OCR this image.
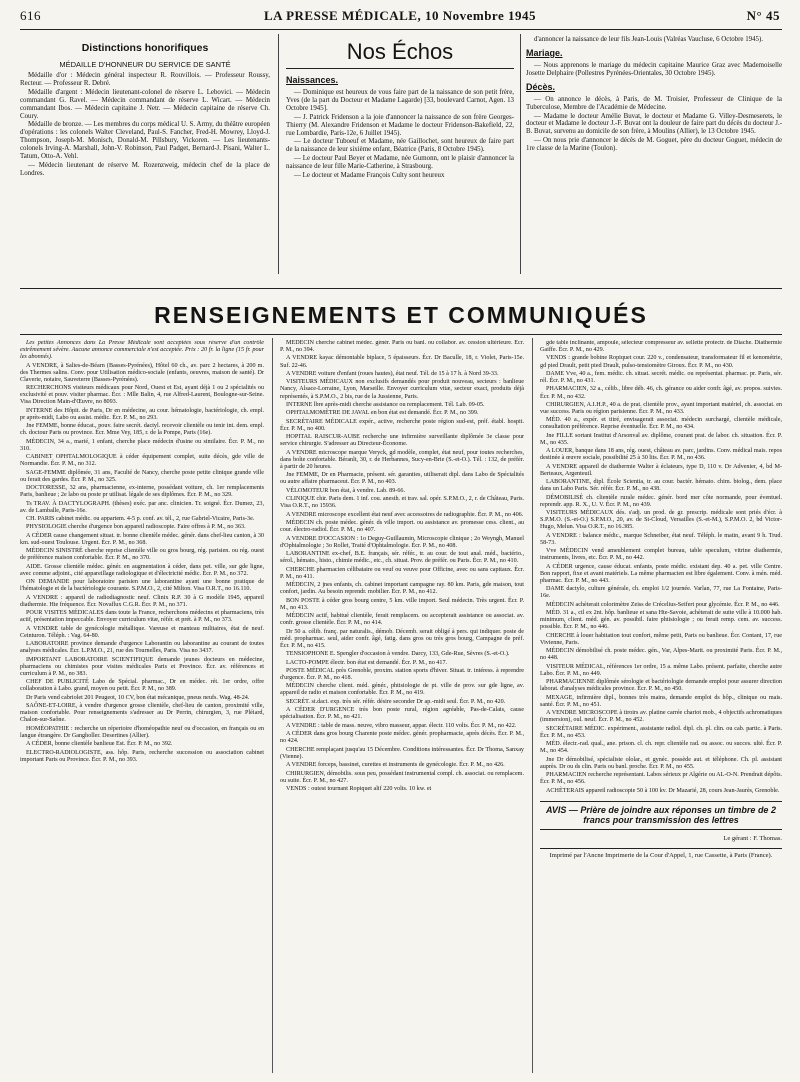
616	LA PRESSE MÉDICALE, 10 Novembre 1945	N° 45
Distinctions honorifiques
MÉDAILLE D'HONNEUR DU SERVICE DE SANTÉ

Médaille d'or : Médecin général inspecteur R. Rouvillois. — Professeur Roussy, Recteur. — Professeur R. Debré.

Médaille d'argent : Médecin lieutenant-colonel de réserve L. Lebovici. — Médecin commandant G. Ravel. — Médecin commandant de réserve L. Wicart. — Médecin commandant Ibos. — Médecin capitaine J. Netr. — Médecin capitaine de réserve Ch. Coury.

Médaille de bronze. — Les membres du corps médical U. S. Army, du théâtre européen d'opérations : les colonels Walter Cleveland, Paul-S. Fancher, Fred-H. Mowrey, Lloyd-J. Thompson, Joseph-M. Monisch, Donald-M. Pillsbury, Vickoren. — Les lieutenants-colonels Irving-A. Marshall, John-V. Robinson, Paul Padget, Bernard-J. Pisani, Walter L. Tatum, Otto-A. Vehl.

— Médecin lieutenant de réserve M. Rozenzweig, médecin chef de la place de Londres.

Nos Échos
Naissances.

— Dominique est heureux de vous faire part de la naissance de son petit frère, Yves (de la part du Docteur et Madame Lagarde) [33, boulevard Carnot, Agen. 13 Octobre 1945].

— J. Patrick Fridenson a la joie d'annoncer la naissance de son frère Georges-Thierry (M. Alexandre Fridenson et Madame le docteur Fridenson-Bakefield, 22, rue Lombardie, Paris-12e, 6 Juillet 1945).

— Le docteur Tuboeuf et Madame, née Gaillochet, sont heureux de faire part de la naissance de leur sixième enfant, Béatrice (Paris, 8 Octobre 1945).

— Le docteur Paul Beyer et Madame, née Gumonn, ont le plaisir d'annoncer la naissance de leur fille Marie-Catherine, à Strasbourg.

— Le docteur et Madame François Culty sont heureux

d'annoncer la naissance de leur fils Jean-Louis (Valréas Vaucluse, 6 Octobre 1945).

Mariage.

— Nous apprenons le mariage du médecin capitaine Maurice Graz avec Mademoiselle Josette Delphaire (Pollestres Pyrénées-Orientales, 30 Octobre 1945).

Décès.

— On annonce le décès, à Paris, de M. Troisier, Professeur de Clinique de la Tuberculose, Membre de l'Académie de Médecine.

— Madame le docteur Amélie Buvat, le docteur et Madame G. Villey-Desmeserets, le docteur et Madame le docteur J.-F. Buvat ont la douleur de faire part du décès du docteur J.-B. Buvat, survenu au domicile de son frère, à Moulins (Allier), le 13 Octobre 1945.

— On nous prie d'annoncer le décès de M. Goguet, père du docteur Goguet, médecin de 1re classe de la Marine (Toulon).

RENSEIGNEMENTS ET COMMUNIQUÉS

Les petites Annonces dans La Presse Médicale sont acceptées sous réserve d'un contrôle extrêmement sévère. Aucune annonce commerciale n'est acceptée. Prix : 20 fr. la ligne (15 fr. pour les abonnés).

A VENDRE, à Salies-de-Béarn (Basses-Pyrénées), Hôtel 60 ch., av. parc 2 hectares, à 200 m. des Thermes salins. Conv. pour Utilisation médico-sociale (enfants, oeuvres, maison de santé). Dr Claverie, notaire, Sauveterre (Basses-Pyrénées).

RECHERCHONS visiteurs médicaux pour Nord, Ouest et Est, ayant déjà 1 ou 2 spécialités ou exclusivité et pouv. visiter pharmac. Écr. : Mlle Balin, 4, rue Alfred-Laurent, Boulogne-sur-Seine. Visa Direction Main-d'Œuvre, no 8093.

INTERNE des Hôpit. de Paris, Dr en médecine, au cour. hématologie, bactériologie, ch. empl. pr après-midi, Labo ou assist. médic. Écr. P. M., no 293.

Jne FEMME, bonne éducat., pouv. faire secrét. dactyl. recevoir clientèle ou tenir int. dem. empl. ch. doctour Paris ou province. Écr. Mme Vey, 185, r. de la Pompe, Paris (16e).

MÉDECIN, 34 a., marié, 1 enfant, cherche place médecin d'usine ou similaire. Écr. P. M., no 310.

CABINET OPHTALMOLOGIQUE à céder équipement complet, suite décès, gde ville de Normandie. Écr. P. M., no 312.

SAGE-FEMME diplômée, 31 ans, Faculté de Nancy, cherche poste petite clinique grande ville ou ferait des gardes. Écr. P. M., no 325.

DOCTORESSE, 32 ans, pharmacienne, ex-interne, possédant voiture, ch. 1er remplacements Paris, banlieue ; 2e labo ou poste pr utilisat. légale de ses diplômes. Écr. P. M., no 329.

Ts TRAV. À DACTYLOGRAPH. (thèses) exéc. par anc. clinicien. Tr. soigné. Écr. Dumez, 23, av. de Lamballe, Paris-16e.

CH. PARIS cabinet médic. ou appartem. 4-5 p. conf. av. tél., 2, rue Gabriel-Vicaire, Paris-3e.

PHYSIOLOGIE cherche d'urgence bon appareil radioscopie. Faire offres à P. M., no 363.

A CÉDER cause changement situat. tr. bonne clientèle médec. génér. dans chef-lieu canton, à 30 km. sud-ouest Toulouse. Urgent. Écr. P. M., no 368.

MÉDECIN SINISTRÉ cherche reprise clientèle ville ou gros bourg, rég. parisien. ou rég. ouest de préférence maison confortable. Écr. P. M., no 370.

AIDE. Grosse clientèle médec. génér. en augmentation à céder, dans pet. ville, sur gde ligne, avec comme adjoint., cité appareillage radiologique et d'électricité médic. Écr. P. M., no 372.

ON DEMANDE pour laboratoire parisien une laborantine ayant une bonne pratique de l'hématologie et de la bactériologie courante. S.P.M.O., 2, cité Milton. Visa O.R.T., no 16.110.

A VENDRE : appareil de radiodiagnostic neuf. Clinix R.P. 30 à G modèle 1945, appareil diathermie. Hte fréquence. Écr. Novaflux C.G.R. Écr. P. M., no 371.

POUR VISITES MÉDICALES dans toute la France, recherchons médecins et pharmaciens, très actif, présentation impeccable. Envoyer curriculum vitæ, référ. et prét. à P. M., no 373.

A VENDRE table de gynécologie métallique. Vareuse et manteau militaires, état de neuf. Ceinturon. Téléph. : Vag. 64-80.

LABORATOIRE province demande d'urgence Laborantin ou laborantine au courant de toutes analyses médicales. Écr. L.P.M.O., 21, rue des Tournelles, Paris. Visa no 3437.

IMPORTANT LABORATOIRE SCIENTIFIQUE demande jeunes docteurs en médecine, pharmaciens ou chimistes pour visites médicales Paris et Province. Écr. av. références et curriculum à P. M., no 383.

CHEF DE PUBLICITÉ Labo de Spécial. pharmac., Dr en médec. rét. 1er ordre, offre collaboration à Labo. grand, moyen ou petit. Écr. P. M., no 389.

Dr Paris vend cabriolet 201 Peugeot, 10 CV, bon état mécanique, pneus neufs. Wag. 48-24.

SAÔNE-ET-LOIRE, à vendre d'urgence grosse clientèle, chef-lieu de canton, proximité ville, maison confortable. Pour renseignements s'adresser au Dr Perrin, chirurgien, 3, rue Pléiard, Chalon-sur-Saône.

HOMÉOPATHIE : recherche un répertoire d'homéopathie neuf ou d'occasion, en français ou en langue étrangère. Dr Gangholler. Desertines (Allier).

A CÉDER, bonne clientèle banlieue Est. Écr. P. M., no 392.

ELECTRO-RADIOLOGISTE, ass. hôp. Paris, recherche succession ou association cabinet important Paris ou Province. Écr. P. M., no 393.

MÉDECIN cherche cabinet médec. génér. Paris ou banl. ou collabor. av. cession ultérieure. Écr. P. M., no 394.

A VENDRE kayac démontable biplace, 5 épaisseurs. Écr. Dr Baculle, 18, r. Violet, Paris-15e. Suf. 22-46.

A VENDRE voiture d'enfant (roues hautes), état neuf. Tél. de 15 à 17 h. à Nord 39-33.

VISITEURS MÉDICAUX non exclusifs demandés pour produit nouveau, secteurs : banlieue Nancy, Alsace-Lorraine, Lyon, Marseille. Envoyer curriculum vitæ, secteur exact, produits déjà représentés, à S.P.M.O., 2 bis, rue de la Jussienne, Paris.

INTERNE lbre après-midi cherche assistance ou remplacement. Tél. Lab. 09-05.

OPHTALMOMÈTRE DE JAVAL en bon état est demandé. Écr. P. M., no 399.

SECRÉTAIRE MÉDICALE expér., active, recherche poste région sud-est, préf. établ. hospit. Écr. P. M., no 400.

HOPITAL RAISCUR-AUBE recherche une infirmière surveillante diplômée 3e classe pour service chirurgie. S'adresser au Directeur-Économe.

A VENDRE microscope marque Veryck, gd modèle, complet, état neuf, pour toutes recherches, dans boîte confortable. Béranlt, 30, r. de Herbannes, Sucy-en-Brie (S.-et-O.). Tél. : 132, de préfér. à partir de 20 heures.

Jne FEMME, Dr en Pharmacie, présent. sér. garanties, utiliserait dipl. dans Labo de Spécialités ou autre affaire pharmaceut. Écr. P. M., no 403.

VÉLOMOTEUR bon état, à vendre. Lab. 89-66.

CLINIQUE chir. Paris dem. 1 inf. cou. anesth. et trav. sal. opér. S.P.M.O., 2, r. de Château, Paris. Visa O.R.T., no 15936.

A VENDRE microscope excellent état neuf avec accessoires de radiographie. Écr. P. M., no 406.

MÉDECIN ch. poste médec. génér. ds ville import. ou assistance av. promesse cess. client., au cour. électro-radiol. Écr. P. M., no 407.

A VENDRE D'OCCASION : 1o Deguy-Guillaumin, Microscopie clinique ; 2o Weyngh, Manuel d'Ophtalmologie ; 3o Rollet, Traité d'Ophtalmologie. Écr. P. M., no 408.

LABORANTINE ex-chef, B.E. français, sér. référ., tr. au cour. de tout anal. méd., bactério., sérol., hémato., histo., chimie médic., etc., ch. situat. Prov. de préfér. ou Paris. Écr. P. M., no 410.

CHERCHE pharmacien célibataire ou veuf ou veuve pour Officine, avec ou sans capitaux. Écr. P. M., no 411.

MÉDECIN, 2 jnes enfants, ch. cabinet important campagne ray. 80 km. Paris, gde maison, tout confort, jardin. Au besoin reprendr. mobilier. Écr. P. M., no 412.

BON POSTE à céder gros bourg centre, 5 km. ville import. Seul médecin. Très urgent. Écr. P. M., no 413.

MÉDECIN actif, habitué clientèle, ferait remplacem. ou accepterait assistance ou associat. av. confr. grosse clientèle. Écr. P. M., no 414.

Dr 50 a. célib. franç. par naturalis., démob. Décemb. serait obligé à pers. qui indiquer. poste de méd. propharmac. seul, aider confr. âgé, fatig. dans gros ou très gros bourg, Campagne de préf. Écr. P. M., no 415.

TENSIOPHONE E. Spengler d'occasion à vendre. Darcy, 133, Gde-Rue, Sèvres (S.-et-O.).

LACTO-POMPE électr. bon état est demandé. Écr. P. M., no 417.

POSTE MÉDICAL près Grenoble, proxim. station sports d'hiver. Situat. tr. intéress. à reprendre d'urgence. Écr. P. M., no 418.

MÉDECIN cherche client. méd. génér., phtisiologie de pt. ville de prov. sur gde ligne, av. appareil de radio et maison confortable. Écr. P. M., no 419.

SECRÉT. st.dact. exp. très sér. référ. désire seconder Dr ap.-midi seul. Écr. P. M., no 420.

A CÉDER D'URGENCE très bon poste rural, région agréable, Pas-de-Calais, cause spécialisation. Écr. P. M., no 421.

A VENDRE : table de mass. neuve, vibro masseur, appar. électr. 110 volts. Écr. P. M., no 422.

A CÉDER dans gros bourg Charente poste médec. génér. propharmacie, après décès. Écr. P. M., no 424.

CHERCHE remplaçant jusqu'au 15 Décembre. Conditions intéressantes. Écr. Dr Thoma, Sanxay (Vienne).

A VENDRE forceps, bassinet, curettes et instruments de gynécologie. Écr. P. M., no 426.

CHIRURGIEN, démobilis. sous peu, possédant instrumental compl. ch. associat. ou remplacem. ou suite. Écr. P. M., no 427.

VENDS : outest tournant Ropiquet alif 220 volts. 10 kw. et

gde table inclinante, ampoule, sélecteur compresseur av. sellette protectr. de Diache. Diathermie Gaiffe. Écr. P. M., no 429.

VENDS : grande bobine Ropiquet cour. 220 v., condensateur, transformateur fil et kenométrie, gd pied Drault, petit pied Drault, pulso-tensiomètre Giroux. Écr. P. M., no 430.

DAME Vve, 40 a., fem. médic. ch. situat. secrét. médic. ou représentat. pharmac. pr. Paris, sér. rél. Écr. P. M., no 431.

PHARMACIEN, 32 a., célib., libre déb. 46, ch. gérance ou aider confr. âgé, av. propos. suivies. Écr. P. M., no 432.

CHIRURGIEN, A.I.H.P., 40 a. de prat. clientèle prov., ayant important matériel, ch. associat. en vue success. Paris ou région parisienne. Écr. P. M., no 433.

MÉD. 40 a., expér. et titré, envisagerait associat. médecin surchargé, clientèle médicale, consultation préférence. Reprise éventuelle. Écr. P. M., no 434.

Jne FILLE sortant Institut d'Arsonval av. diplôme, courant prat. de labor. ch. situation. Écr. P. M., no 435.

A LOUER, banque dans 18 ans, rég. ouest, château av. parc, jardins. Conv. médical mais. repos destinée à œuvre sociale, possibilité 25 à 30 lits. Écr. P. M., no 436.

A VENDRE appareil de diathermie Walter à éclateurs, type D, 110 v. Dr Advenier, 4, bd M-Berteaux, Argenteuil.

LABORANTINE, dipl. École Scientia, tr. au cour. bactér. hémato. chim. biolog., dem. place dans un Labo Paris. Sér. référ. Écr. P. M., no 438.

DÉMOBILISÉ ch. clientèle rurale médec. génér. bord mer côte normande, pour éventuel. reprendr. app. R. X., U. V. Écr. P. M., no 439.

VISITEURS MÉDICAUX dés. s'adj. un prod. de gr. prescrip. médicale sont priés d'écr. à S.P.M.O. (S.-et-O.) S.P.M.O., 20, av. de St-Cloud, Versailles (S.-et-M.), S.P.M.O. 2, bd Victor-Hugo, Melun. Visa O.R.T., no 16.385.

A VENDRE : balance médic., marque Schneiber, état neuf. Téléph. le matin, avant 9 h. Trud. 58-73.

Vve MÉDECIN vend ameublement complet bureau, table speculum, vitrine diathermie, instruments, livres, etc. Écr. P. M., no 442.

A CÉDER urgence, cause éducat. enfants, poste médic. existant dep. 40 a. pet. ville Centre. Bon rapport, fixe et avant matériels. La même pharmacien est libre également. Conv. à mén. méd. pharmac. Écr. P. M., no 443.

DAME dactylo, culture générale, ch. emploi 1/2 journée. Varlan, 77, rue La Fontaine, Paris-16e.

MÉDECIN achèterait colorimètre Zeiss de Crécelius-Seifert pour glycémie. Écr. P. M., no 446.

MÉD. 31 a., ctl ex 2nt. hôp. banlieue et sana Hte-Savoie, achèterait de suite ville à 10.000 hab. minimum, client. méd. gén. av. possibil. faire phtisiologie ; ou ferait remp. cem. av. success. possible. Écr. P. M., no 446.

CHERCHE à louer habitation tout confort, même petit, Paris ou banlieue. Écr. Contant, 17, rue Vivienne, Paris.

MÉDECIN démobilisé ch. poste médec. gén., Var, Alpes-Marit. ou proximité Paris. Écr. P. M., no 448.

VISITEUR MÉDICAL, références 1er ordre, 15 a. même Labo. présent. parfaite, cherche autre Labo. Écr. P. M., no 449.

PHARMACIENNE diplômée sérologie et bactériologie demande emploi pour assurer direction laborat. d'analyses médicales province. Écr. P. M., no 450.

MEXAGE, infirmière dipl., bonnes très mains, demande emploi ds hôp., clinique ou mais. santé. Écr. P. M., no 451.

A VENDRE MICROSCOPE à tiroirs av. platine carrée chariot mob., 4 objectifs achromatiques (immersion), oul. neuf. Écr. P. M., no 452.

SECRÉTAIRE MÉDIC. expériment., assistante radiol. dipl. ch. pl. clin. ou cab. partic. à Paris. Écr. P. M., no 453.

MÉD. électr.-rad. qual., ane. prison. cl. ch. repr. clientèle rad. ou assoc. ou succes. ulté. Écr. P. M., no 454.

Jne Dr démobilisé, spécialiste ololar., et gynéc. possède aut. et téléphone. Ch. pl. assistant auprès. Dr ou ds clin. Paris ou banl. proche. Écr. P. M., no 455.

PHARMACIEN recherche représentant. Labos sérieux pr Algérie ou AL-O-N. Prendrait dépôts. Écr. P. M., no 456.

ACHÈTERAIS appareil radioscopie 50 à 100 kv. Dr Mazarié, 28, cours Jean-Jaurès, Grenoble.

AVIS — Prière de joindre aux réponses un timbre de 2 francs pour transmission des lettres
Le gérant : F. Thomas.
Imprimé par l'Ancne Imprimerie de la Cour d'Appel, 1, rue Cassette, à Paris (France).
